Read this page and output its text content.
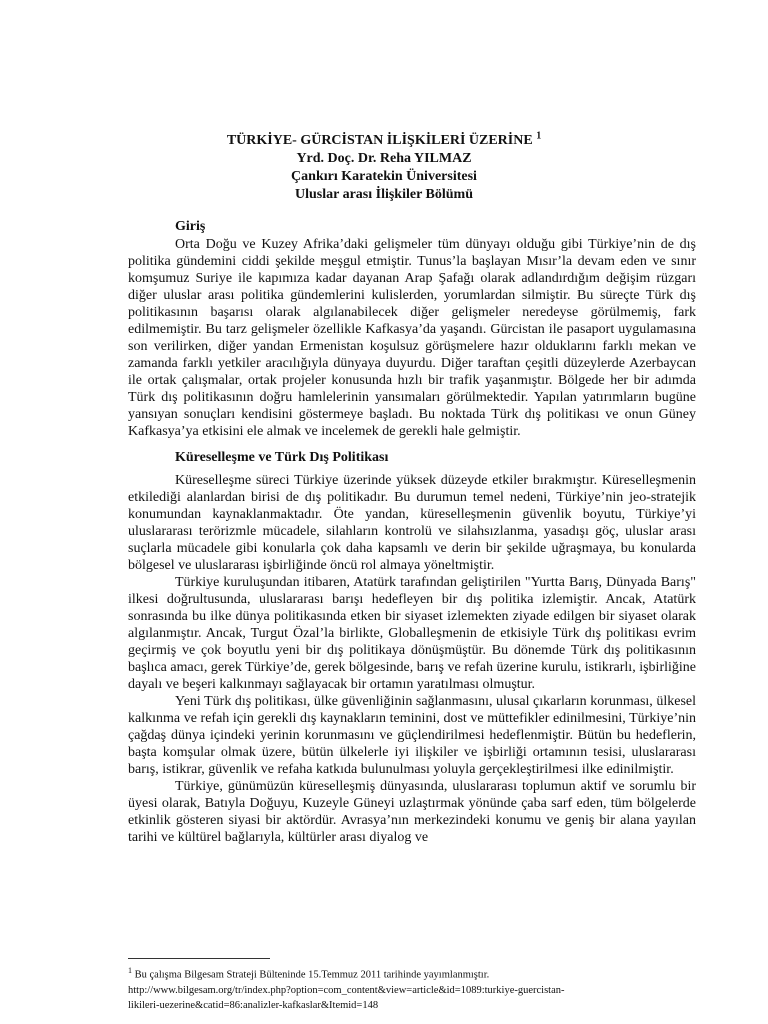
TÜRKİYE- GÜRCİSTAN İLİŞKİLERİ ÜZERİNE $^1$
Yrd. Doç. Dr. Reha YILMAZ
Çankırı Karatekin Üniversitesi
Uluslar arası İlişkiler Bölümü
Giriş

Orta Doğu ve Kuzey Afrika’daki gelişmeler tüm dünyayı olduğu gibi Türkiye’nin de dış politika gündemini ciddi şekilde meşgul etmiştir. Tunus’la başlayan Mısır’la devam eden ve sınır komşumuz Suriye ile kapımıza kadar dayanan Arap Şafağı olarak adlandırdığım değişim rüzgarı diğer uluslar arası politika gündemlerini kulislerden, yorumlardan silmiştir. Bu süreçte Türk dış politikasının başarısı olarak algılanabilecek diğer gelişmeler neredeyse görülmemiş, fark edilmemiştir. Bu tarz gelişmeler özellikle Kafkasya’da yaşandı. Gürcistan ile pasaport uygulamasına son verilirken, diğer yandan Ermenistan koşulsuz görüşmelere hazır olduklarını farklı mekan ve zamanda farklı yetkiler aracılığıyla dünyaya duyurdu. Diğer taraftan çeşitli düzeylerde Azerbaycan ile ortak çalışmalar, ortak projeler konusunda hızlı bir trafik yaşanmıştır. Bölgede her bir adımda Türk dış politikasının doğru hamlelerinin yansımaları görülmektedir. Yapılan yatırımların bugüne yansıyan sonuçları kendisini göstermeye başladı. Bu noktada Türk dış politikası ve onun Güney Kafkasya’ya etkisini ele almak ve incelemek de gerekli hale gelmiştir.

Küreselleşme ve Türk Dış Politikası

Küreselleşme süreci Türkiye üzerinde yüksek düzeyde etkiler bırakmıştır. Küreselleşmenin etkilediği alanlardan birisi de dış politikadır. Bu durumun temel nedeni, Türkiye’nin jeo-stratejik konumundan kaynaklanmaktadır. Öte yandan, küreselleşmenin güvenlik boyutu, Türkiye’yi uluslararası terörizmle mücadele, silahların kontrolü ve silahsızlanma, yasadışı göç, uluslar arası suçlarla mücadele gibi konularla çok daha kapsamlı ve derin bir şekilde uğraşmaya, bu konularda bölgesel ve uluslararası işbirliğinde öncü rol almaya yöneltmiştir.

Türkiye kuruluşundan itibaren, Atatürk tarafından geliştirilen "Yurtta Barış, Dünyada Barış" ilkesi doğrultusunda, uluslararası barışı hedefleyen bir dış politika izlemiştir. Ancak, Atatürk sonrasında bu ilke dünya politikasında etken bir siyaset izlemekten ziyade edilgen bir siyaset olarak algılanmıştır. Ancak, Turgut Özal’la birlikte, Globalleşmenin de etkisiyle Türk dış politikası evrim geçirmiş ve çok boyutlu yeni bir dış politikaya dönüşmüştür. Bu dönemde Türk dış politikasının başlıca amacı, gerek Türkiye’de, gerek bölgesinde, barış ve refah üzerine kurulu, istikrarlı, işbirliğine dayalı ve beşeri kalkınmayı sağlayacak bir ortamın yaratılması olmuştur.

Yeni Türk dış politikası, ülke güvenliğinin sağlanmasını, ulusal çıkarların korunması, ülkesel kalkınma ve refah için gerekli dış kaynakların teminini, dost ve müttefikler edinilmesini, Türkiye’nin çağdaş dünya içindeki yerinin korunmasını ve güçlendirilmesi hedeflenmiştir. Bütün bu hedeflerin, başta komşular olmak üzere, bütün ülkelerle iyi ilişkiler ve işbirliği ortamının tesisi, uluslararası barış, istikrar, güvenlik ve refaha katkıda bulunulması yoluyla gerçekleştirilmesi ilke edinilmiştir.

Türkiye, günümüzün küreselleşmiş dünyasında, uluslararası toplumun aktif ve sorumlu bir üyesi olarak, Batıyla Doğuyu, Kuzeyle Güneyi uzlaştırmak yönünde çaba sarf eden, tüm bölgelerde etkinlik gösteren siyasi bir aktördür. Avrasya’nın merkezindeki konumu ve geniş bir alana yayılan tarihi ve kültürel bağlarıyla, kültürler arası diyalog ve

$^1$ Bu çalışma Bilgesam Strateji Bülteninde 15.Temmuz 2011 tarihinde yayımlanmıştır.

http://www.bilgesam.org/tr/index.php?option=com_content&view=article&id=1089:turkiye-guercistan-

likileri-uezerine&catid=86:analizler-kafkaslar&Itemid=148
